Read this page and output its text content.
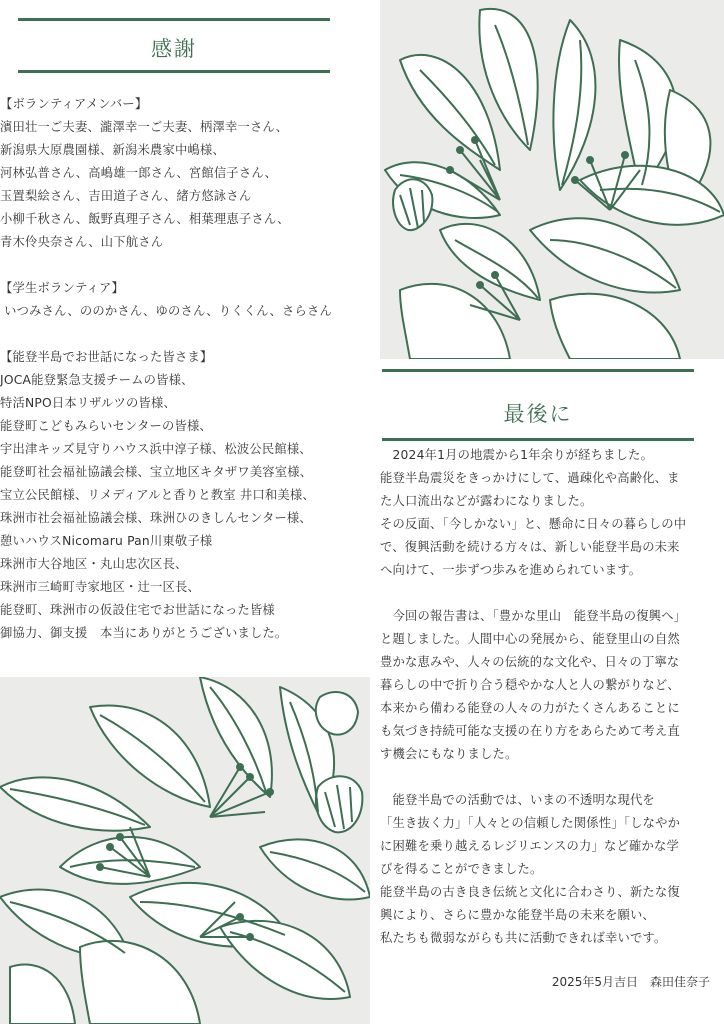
感謝
【ボランティアメンバー】
濱田壮一ご夫妻、瀧澤幸一ご夫妻、柄澤幸一さん、
新潟県大原農園様、新潟米農家中嶋様、
河林弘普さん、高嶋雄一郎さん、宮館信子さん、
玉置梨絵さん、吉田道子さん、緒方悠詠さん
小柳千秋さん、飯野真理子さん、相葉理恵子さん、
青木伶央奈さん、山下航さん
【学生ボランティア】
いつみさん、ののかさん、ゆのさん、りくくん、さらさん
【能登半島でお世話になった皆さま】
JOCA能登緊急支援チームの皆様、
特活NPO日本リザルツの皆様、
能登町こどもみらいセンターの皆様、
宇出津キッズ見守りハウス浜中淳子様、松波公民館様、
能登町社会福祉協議会様、宝立地区キタザワ美容室様、
宝立公民館様、リメディアルと香りと教室 井口和美様、
珠洲市社会福祉協議会様、珠洲ひのきしんセンター様、
憩いハウスNicomaru Pan川東敬子様
珠洲市大谷地区・丸山忠次区長、
珠洲市三崎町寺家地区・辻一区長、
能登町、珠洲市の仮設住宅でお世話になった皆様
御協力、御支援　本当にありがとうございました。
最後に
　2024年1月の地震から1年余りが経ちました。
能登半島震災をきっかけにして、過疎化や高齢化、ま
た人口流出などが露わになりました。
その反面、「今しかない」と、懸命に日々の暮らしの中
で、復興活動を続ける方々は、新しい能登半島の未来
へ向けて、一歩ずつ歩みを進められています。
　今回の報告書は、「豊かな里山　能登半島の復興へ」
と題しました。人間中心の発展から、能登里山の自然
豊かな恵みや、人々の伝統的な文化や、日々の丁寧な
暮らしの中で折り合う穏やかな人と人の繋がりなど、
本来から備わる能登の人々の力がたくさんあることに
も気づき持続可能な支援の在り方をあらためて考え直
す機会にもなりました。
　能登半島での活動では、いまの不透明な現代を
「生き抜く力」「人々との信頼した関係性」「しなやか
に困難を乗り越えるレジリエンスの力」など確かな学
びを得ることができました。
能登半島の古き良き伝統と文化に合わさり、新たな復
興により、さらに豊かな能登半島の未来を願い、
私たちも微弱ながらも共に活動できれば幸いです。
2025年5月吉日　森田佳奈子
